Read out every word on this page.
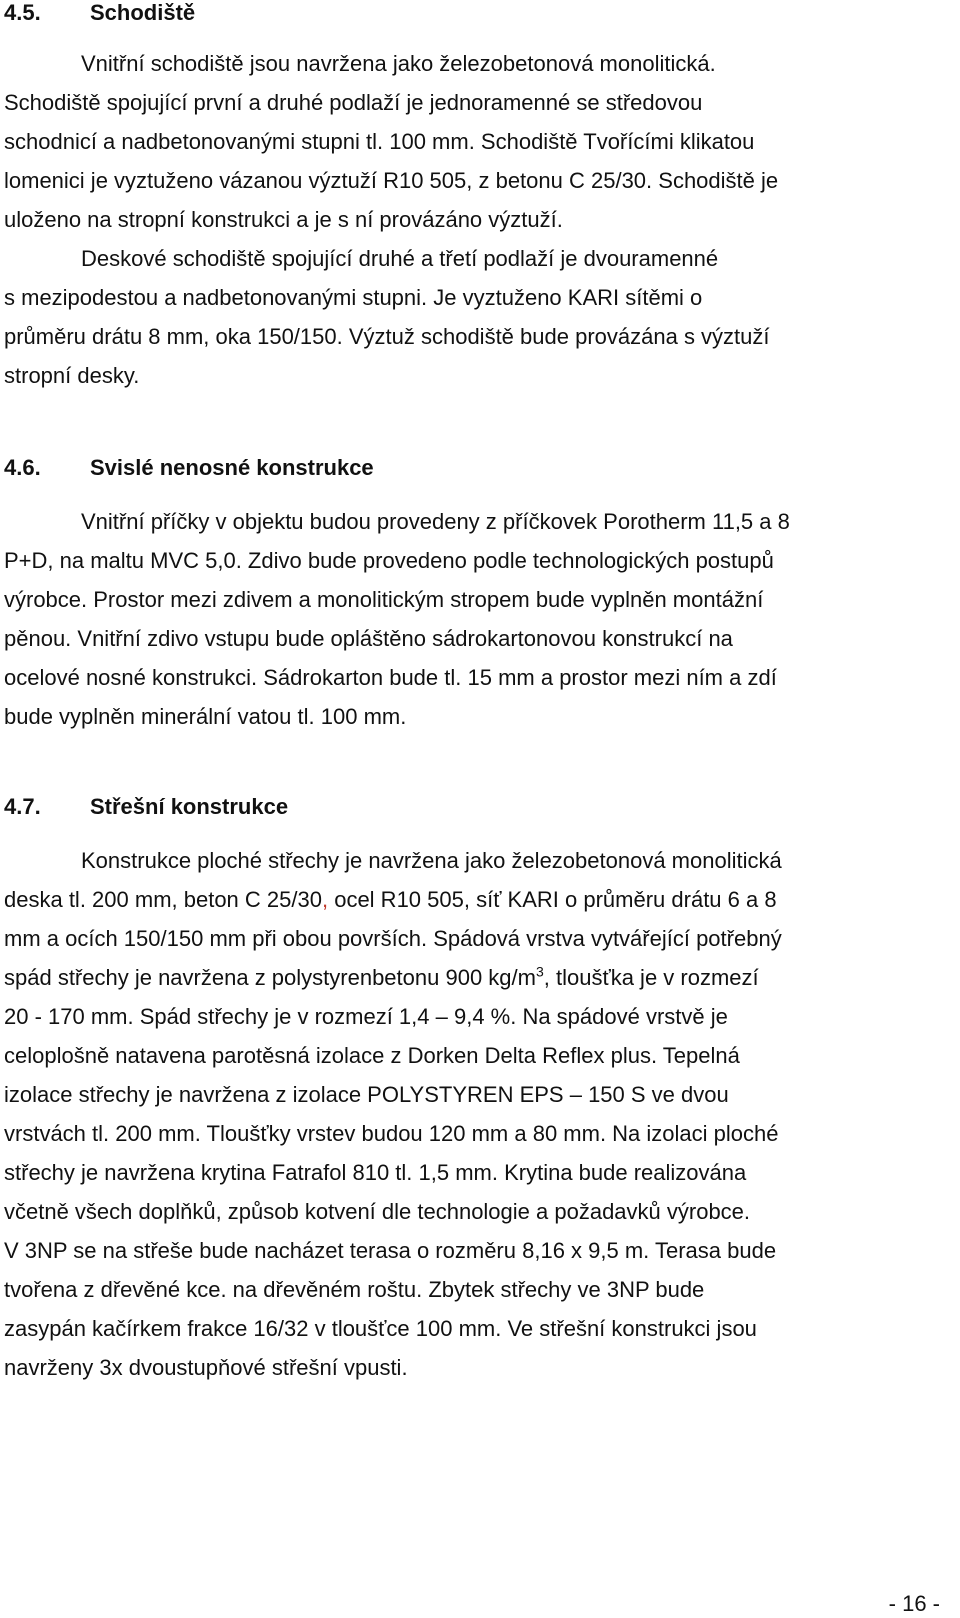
4.5. Schodiště
Vnitřní schodiště jsou navržena jako železobetonová monolitická.
Schodiště spojující první a druhé podlaží je jednoramenné se středovou
schodnicí a nadbetonovanými stupni tl. 100 mm. Schodiště Tvořícími klikatou
lomenici je vyztuženo vázanou výztuží R10 505, z betonu C 25/30. Schodiště je
uloženo na stropní konstrukci a je s ní provázáno výztuží.
Deskové schodiště spojující druhé a třetí podlaží je dvouramenné
s mezipodestou a nadbetonovanými stupni. Je vyztuženo KARI sítěmi o
průměru drátu 8 mm, oka 150/150. Výztuž schodiště bude provázána s výztuží
stropní desky.
4.6. Svislé nenosné konstrukce
Vnitřní příčky v objektu budou provedeny z příčkovek Porotherm 11,5 a 8
P+D, na maltu MVC 5,0. Zdivo bude provedeno podle technologických postupů
výrobce. Prostor mezi zdivem a monolitickým stropem bude vyplněn montážní
pěnou. Vnitřní zdivo vstupu bude opláštěno sádrokartonovou konstrukcí na
ocelové nosné konstrukci. Sádrokarton bude tl. 15 mm a prostor mezi ním a zdí
bude vyplněn minerální vatou tl. 100 mm.
4.7. Střešní konstrukce
Konstrukce ploché střechy je navržena jako železobetonová monolitická
deska tl. 200 mm, beton C 25/30, ocel R10 505, síť KARI o průměru drátu 6 a 8
mm a ocích 150/150 mm při obou površích. Spádová vrstva vytvářející potřebný
spád střechy je navržena z polystyrenbetonu 900 $kg/m^3$, tloušťka je v rozmezí
20 - 170 mm. Spád střechy je v rozmezí 1,4 – 9,4 %. Na spádové vrstvě je
celoplošně natavena parotěsná izolace z Dorken Delta Reflex plus. Tepelná
izolace střechy je navržena z izolace POLYSTYREN EPS – 150 S ve dvou
vrstvách tl. 200 mm. Tloušťky vrstev budou 120 mm a 80 mm. Na izolaci ploché
střechy je navržena krytina Fatrafol 810 tl. 1,5 mm. Krytina bude realizována
včetně všech doplňků, způsob kotvení dle technologie a požadavků výrobce.
V 3NP se na střeše bude nacházet terasa o rozměru 8,16 x 9,5 m. Terasa bude
tvořena z dřevěné kce. na dřevěném roštu. Zbytek střechy ve 3NP bude
zasypán kačírkem frakce 16/32 v tloušťce 100 mm. Ve střešní konstrukci jsou
navrženy 3x dvoustupňové střešní vpusti.
- 16 -
